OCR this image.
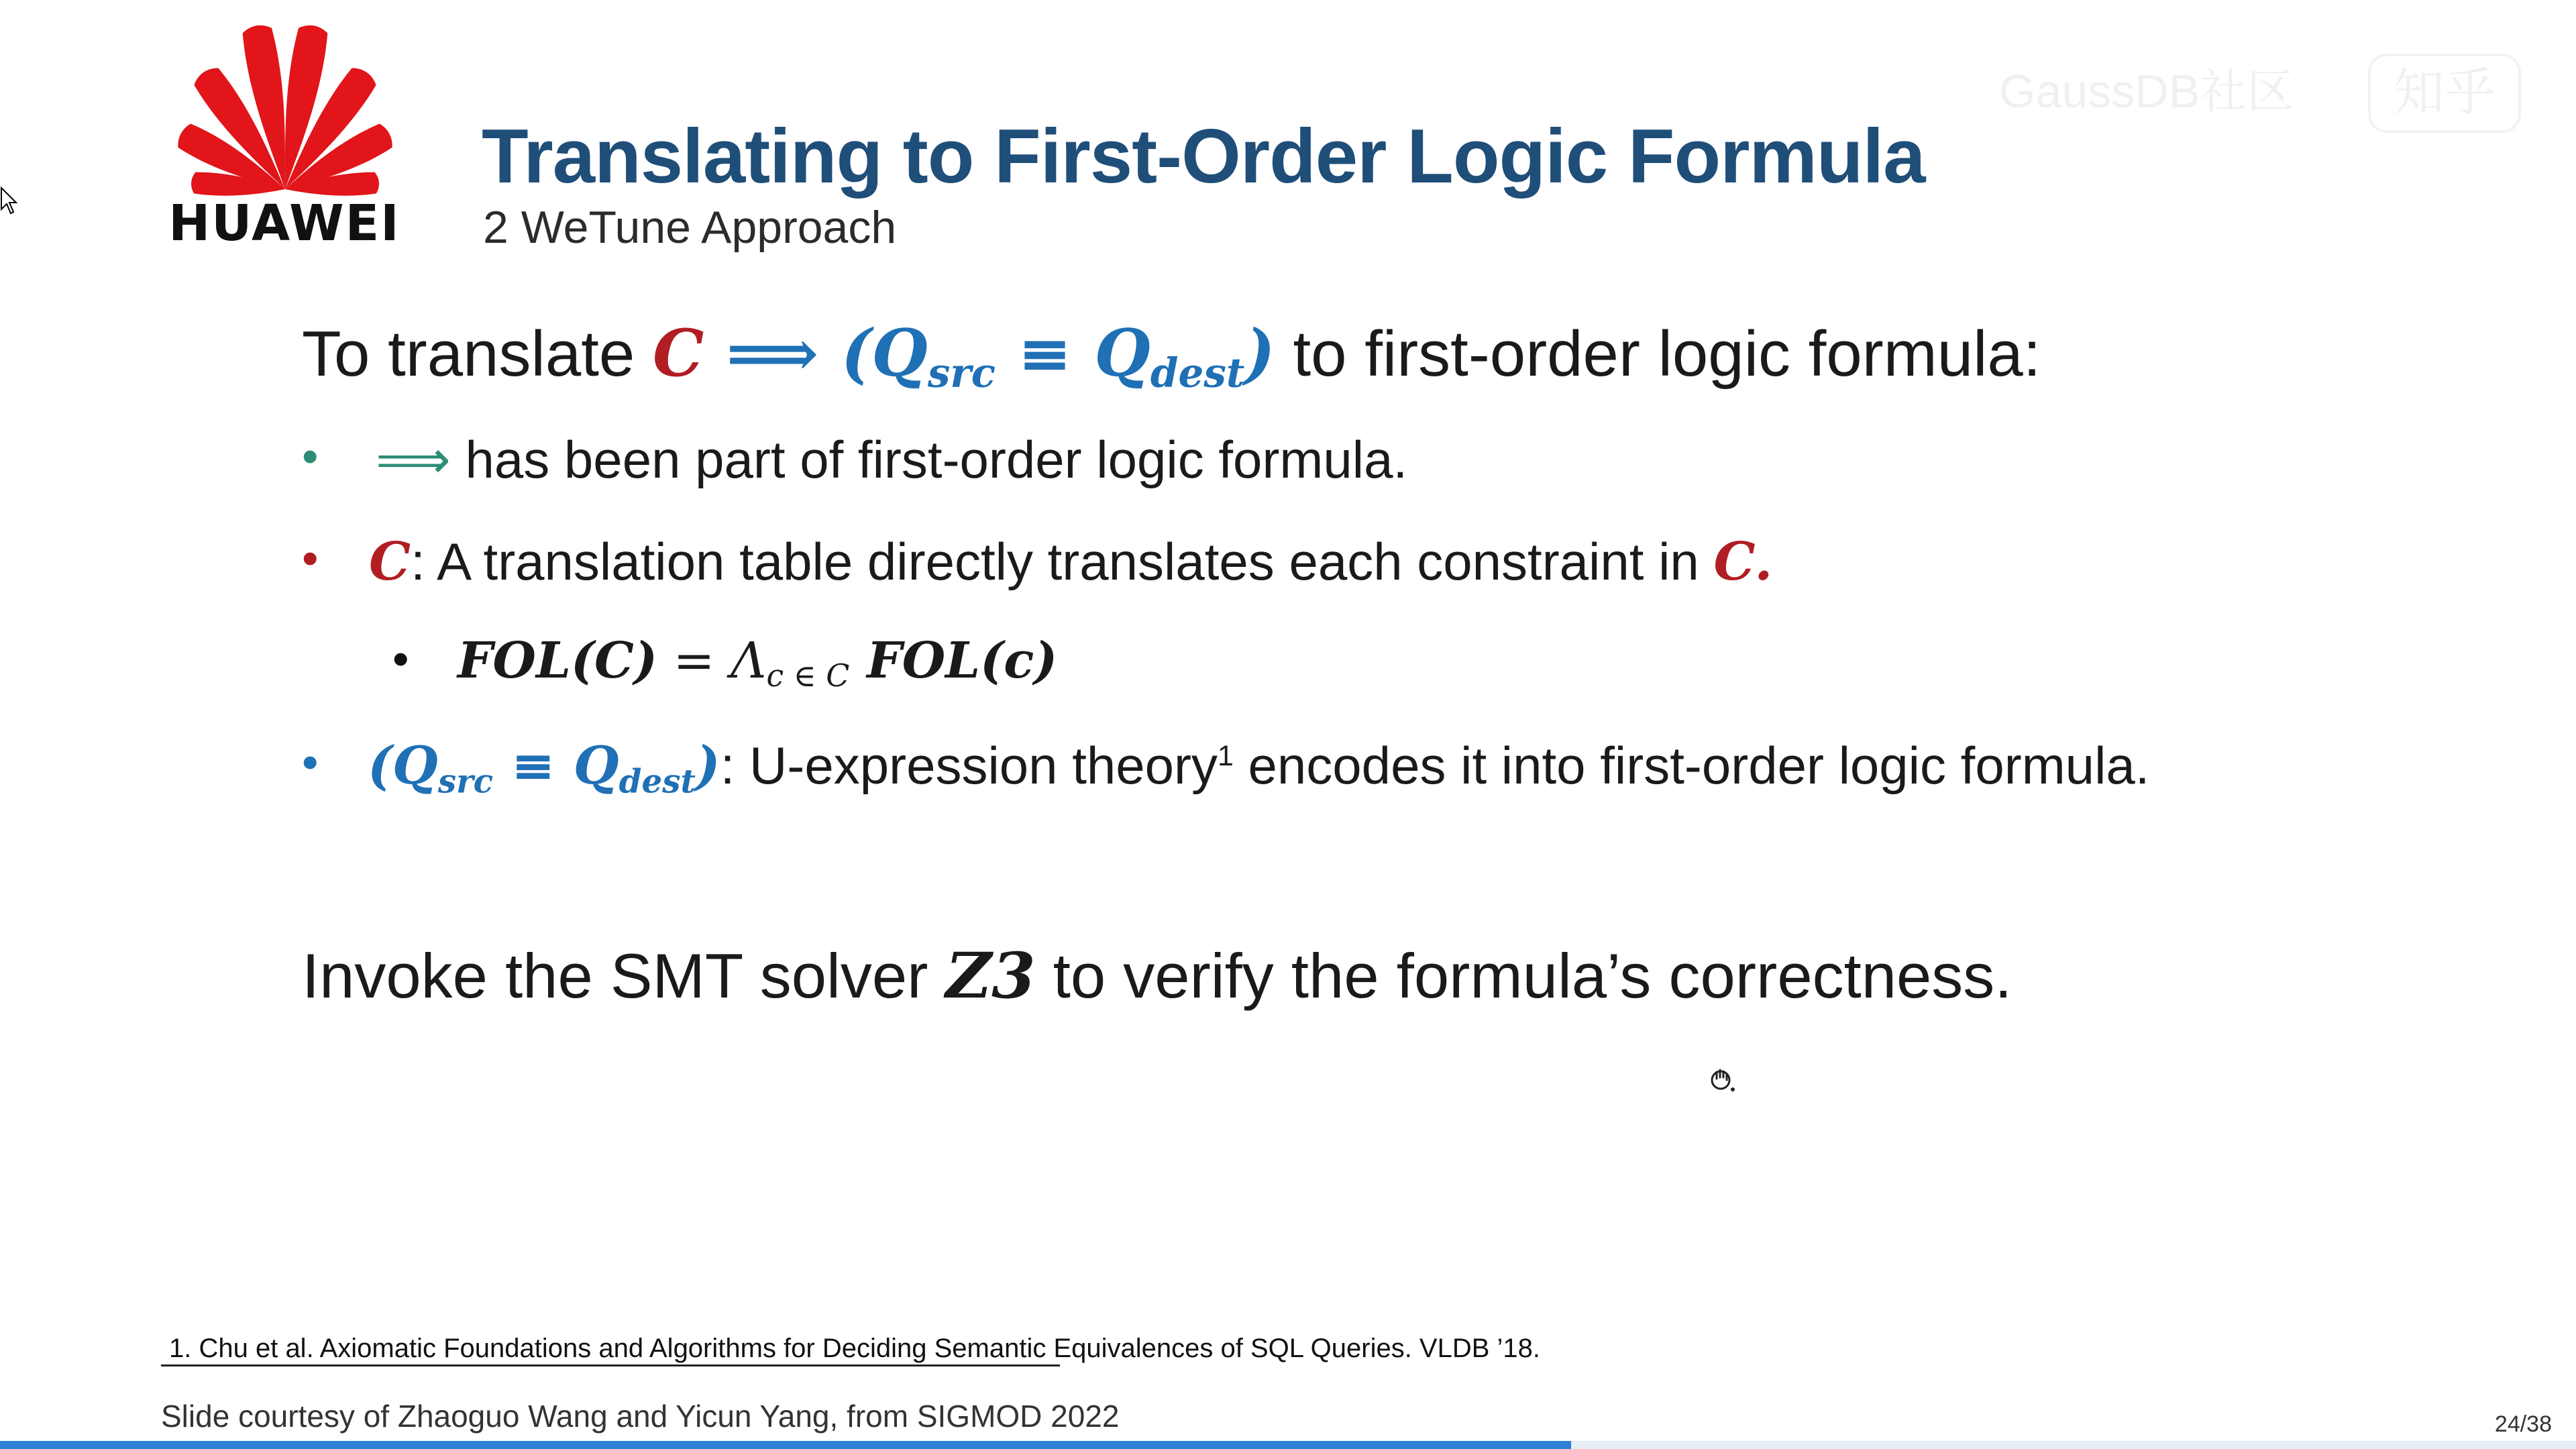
GaussDB社区	知乎
HUAWEI
Translating to First-Order Logic Formula
2 WeTune Approach
To translate C ⟹ $(Q_{src} \equiv Q_{dest})$ to first-order logic formula:
• ⟹ has been part of first-order logic formula.
• C: A translation table directly translates each constraint in C.
• $FOL(C) = \Lambda_{c \in C}$ FOL(c)
• $(Q_{src} \equiv Q_{dest})$: U-expression theory$^1$ encodes it into first-order logic formula.
Invoke the SMT solver Z3 to verify the formula’s correctness.
1. Chu et al. Axiomatic Foundations and Algorithms for Deciding Semantic Equivalences of SQL Queries. VLDB ’18.
Slide courtesy of Zhaoguo Wang and Yicun Yang, from SIGMOD 2022	24/38
